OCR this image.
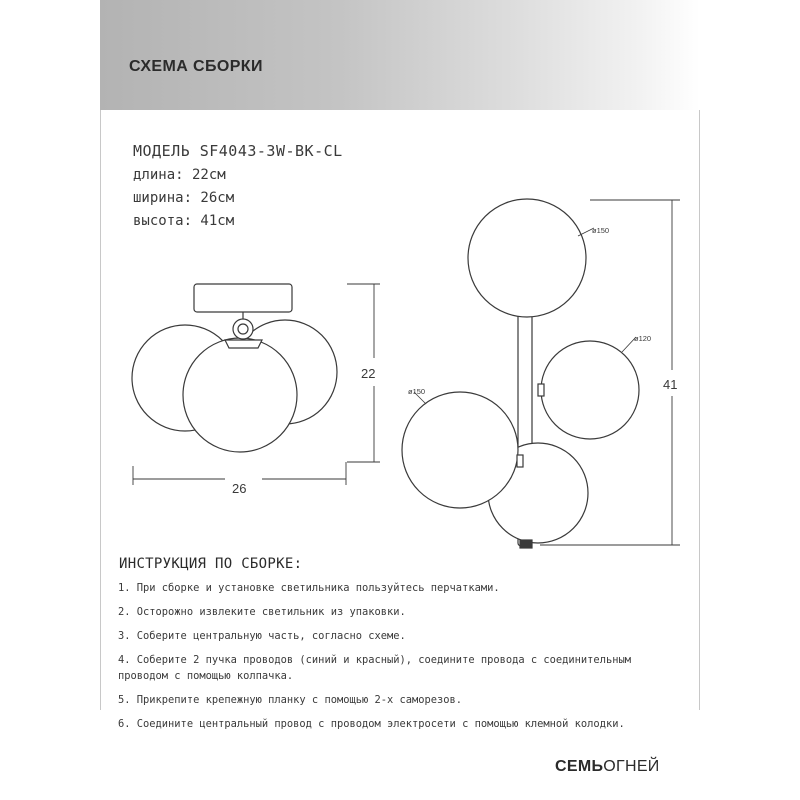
СХЕМА СБОРКИ
МОДЕЛЬ SF4043-3W-BK-CL
длина: 22см
ширина: 26см
высота: 41см
26
22
41
ø150
ø120
ø150
ИНСТРУКЦИЯ ПО СБОРКЕ:
1. При сборке и установке светильника пользуйтесь перчатками.
2. Осторожно извлеките светильник из упаковки.
3. Соберите центральную часть, согласно схеме.
4. Соберите 2 пучка проводов (синий и красный), соедините провода с соединительным
проводом с помощью колпачка.
5. Прикрепите крепежную планку с помощью 2-х саморезов.
6. Соедините центральный провод с проводом электросети с помощью клемной колодки.
СЕМЬОГНЕЙ
